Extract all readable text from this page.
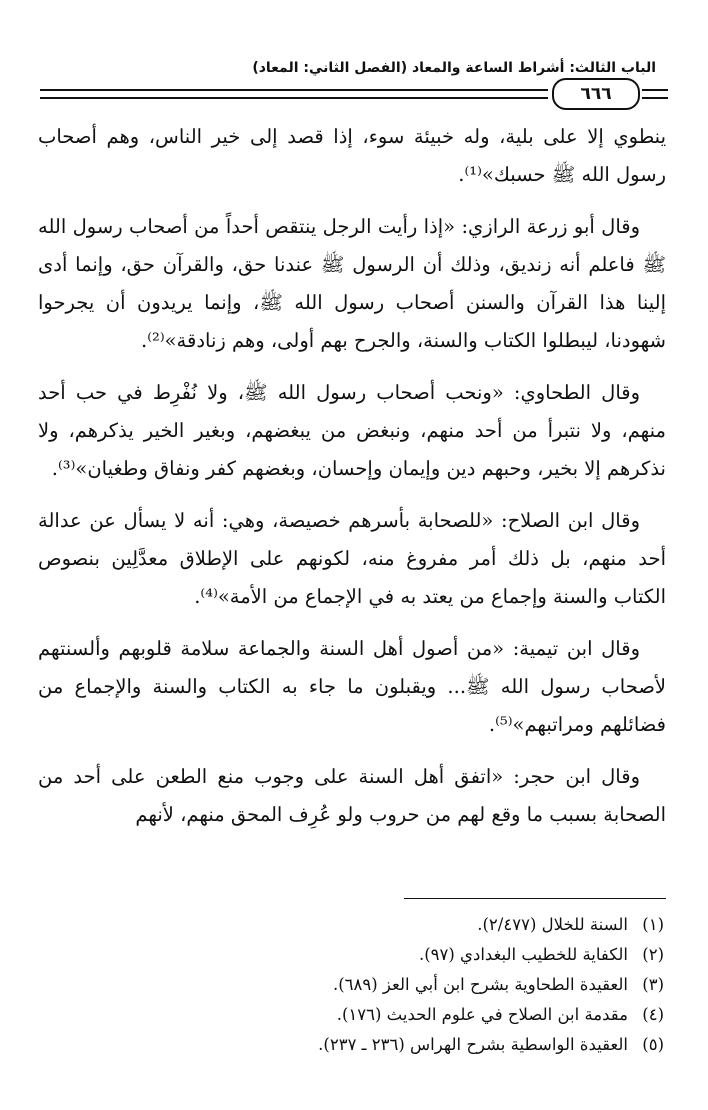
الباب الثالث: أشراط الساعة والمعاد (الفصل الثاني: المعاد)
٦٦٦

ينطوي إلا على بلية، وله خبيئة سوء، إذا قصد إلى خير الناس، وهم أصحاب رسول الله ﷺ حسبك»⁽¹⁾.

وقال أبو زرعة الرازي: «إذا رأيت الرجل ينتقص أحداً من أصحاب رسول الله ﷺ فاعلم أنه زنديق، وذلك أن الرسول ﷺ عندنا حق، والقرآن حق، وإنما أدى إلينا هذا القرآن والسنن أصحاب رسول الله ﷺ، وإنما يريدون أن يجرحوا شهودنا، ليبطلوا الكتاب والسنة، والجرح بهم أولى، وهم زنادقة»⁽²⁾.

وقال الطحاوي: «ونحب أصحاب رسول الله ﷺ، ولا نُفْرِط في حب أحد منهم، ولا نتبرأ من أحد منهم، ونبغض من يبغضهم، وبغير الخير يذكرهم، ولا نذكرهم إلا بخير، وحبهم دين وإيمان وإحسان، وبغضهم كفر ونفاق وطغيان»⁽³⁾.

وقال ابن الصلاح: «للصحابة بأسرهم خصيصة، وهي: أنه لا يسأل عن عدالة أحد منهم، بل ذلك أمر مفروغ منه، لكونهم على الإطلاق معدَّلِين بنصوص الكتاب والسنة وإجماع من يعتد به في الإجماع من الأمة»⁽⁴⁾.

وقال ابن تيمية: «من أصول أهل السنة والجماعة سلامة قلوبهم وألسنتهم لأصحاب رسول الله ﷺ... ويقبلون ما جاء به الكتاب والسنة والإجماع من فضائلهم ومراتبهم»⁽⁵⁾.

وقال ابن حجر: «اتفق أهل السنة على وجوب منع الطعن على أحد من الصحابة بسبب ما وقع لهم من حروب ولو عُرِف المحق منهم، لأنهم

(١)
السنة للخلال (٢/٤٧٧).
(٢)
الكفاية للخطيب البغدادي (٩٧).
(٣)
العقيدة الطحاوية بشرح ابن أبي العز (٦٨٩).
(٤)
مقدمة ابن الصلاح في علوم الحديث (١٧٦).
(٥)
العقيدة الواسطية بشرح الهراس (٢٣٦ ـ ٢٣٧).
